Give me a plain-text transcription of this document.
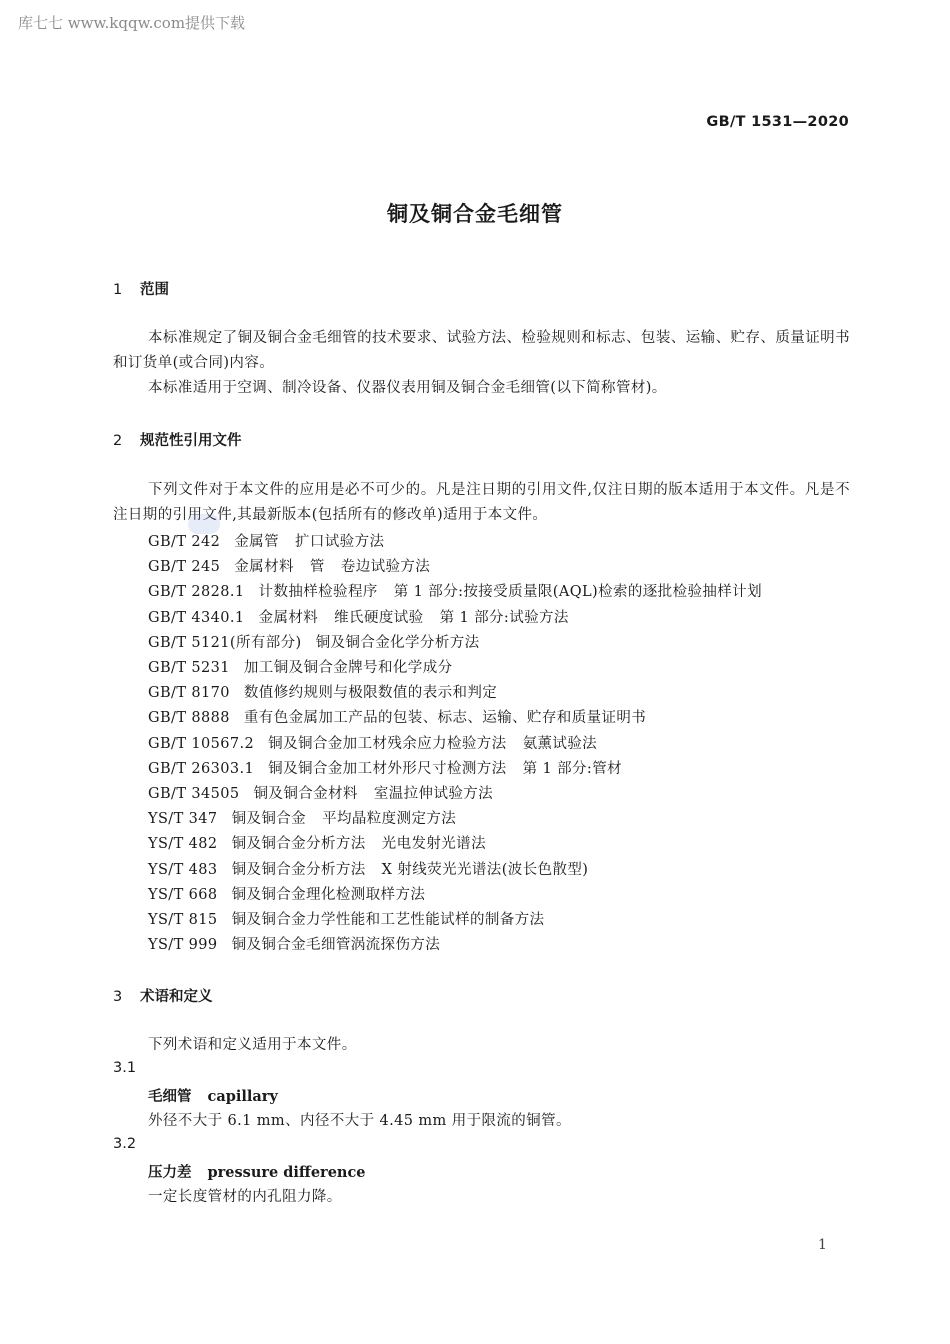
库七七 www.kqqw.com提供下载
GB/T 1531—2020
铜及铜合金毛细管
1 范围
本标准规定了铜及铜合金毛细管的技术要求、试验方法、检验规则和标志、包装、运输、贮存、质量证明书和订货单(或合同)内容。
本标准适用于空调、制冷设备、仪器仪表用铜及铜合金毛细管(以下简称管材)。
2 规范性引用文件
下列文件对于本文件的应用是必不可少的。凡是注日期的引用文件,仅注日期的版本适用于本文件。凡是不注日期的引用文件,其最新版本(包括所有的修改单)适用于本文件。
GB/T 242 金属管 扩口试验方法
GB/T 245 金属材料 管 卷边试验方法
GB/T 2828.1 计数抽样检验程序 第 1 部分:按接受质量限(AQL)检索的逐批检验抽样计划
GB/T 4340.1 金属材料 维氏硬度试验 第 1 部分:试验方法
GB/T 5121(所有部分) 铜及铜合金化学分析方法
GB/T 5231 加工铜及铜合金牌号和化学成分
GB/T 8170 数值修约规则与极限数值的表示和判定
GB/T 8888 重有色金属加工产品的包装、标志、运输、贮存和质量证明书
GB/T 10567.2 铜及铜合金加工材残余应力检验方法 氨薰试验法
GB/T 26303.1 铜及铜合金加工材外形尺寸检测方法 第 1 部分:管材
GB/T 34505 铜及铜合金材料 室温拉伸试验方法
YS/T 347 铜及铜合金 平均晶粒度测定方法
YS/T 482 铜及铜合金分析方法 光电发射光谱法
YS/T 483 铜及铜合金分析方法 X 射线荧光光谱法(波长色散型)
YS/T 668 铜及铜合金理化检测取样方法
YS/T 815 铜及铜合金力学性能和工艺性能试样的制备方法
YS/T 999 铜及铜合金毛细管涡流探伤方法
3 术语和定义
下列术语和定义适用于本文件。
3.1
毛细管 capillary
外径不大于 6.1 mm、内径不大于 4.45 mm 用于限流的铜管。
3.2
压力差 pressure difference
一定长度管材的内孔阻力降。
1
